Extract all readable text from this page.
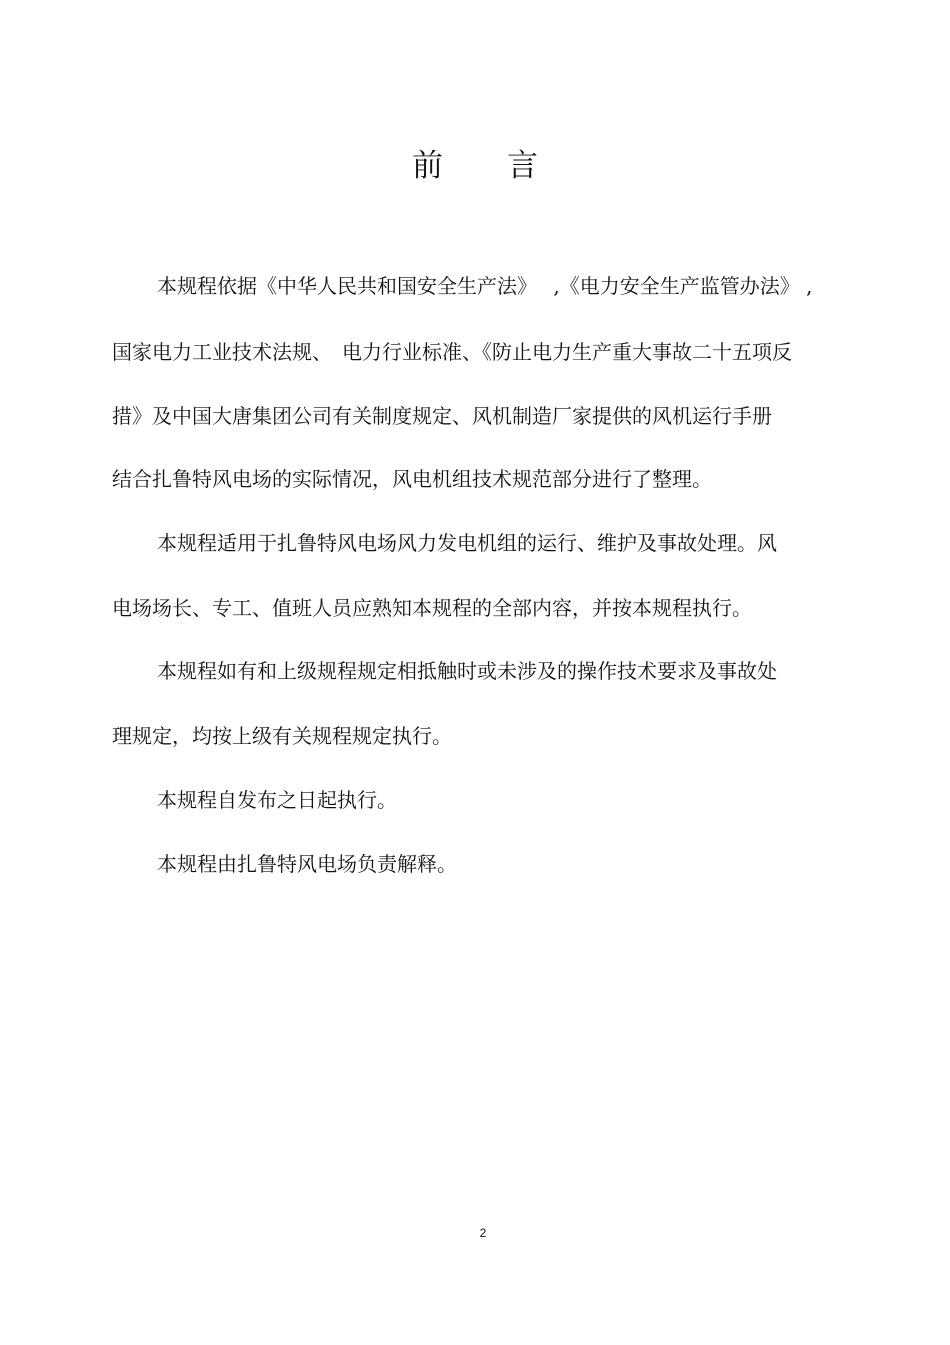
前 言

本规程依据《中华人民共和国安全生产法》　 ,《电力安全生产监管办法》 ,

国家电力工业技术法规、　电力行业标准、《防止电力生产重大事故二十五项反

措》及中国大唐集团公司有关制度规定、风机制造厂家提供的风机运行手册

结合扎鲁特风电场的实际情况，风电机组技术规范部分进行了整理。

本规程适用于扎鲁特风电场风力发电机组的运行、维护及事故处理。风

电场场长、专工、值班人员应熟知本规程的全部内容，并按本规程执行。

本规程如有和上级规程规定相抵触时或未涉及的操作技术要求及事故处

理规定，均按上级有关规程规定执行。

本规程自发布之日起执行。

本规程由扎鲁特风电场负责解释。

2
